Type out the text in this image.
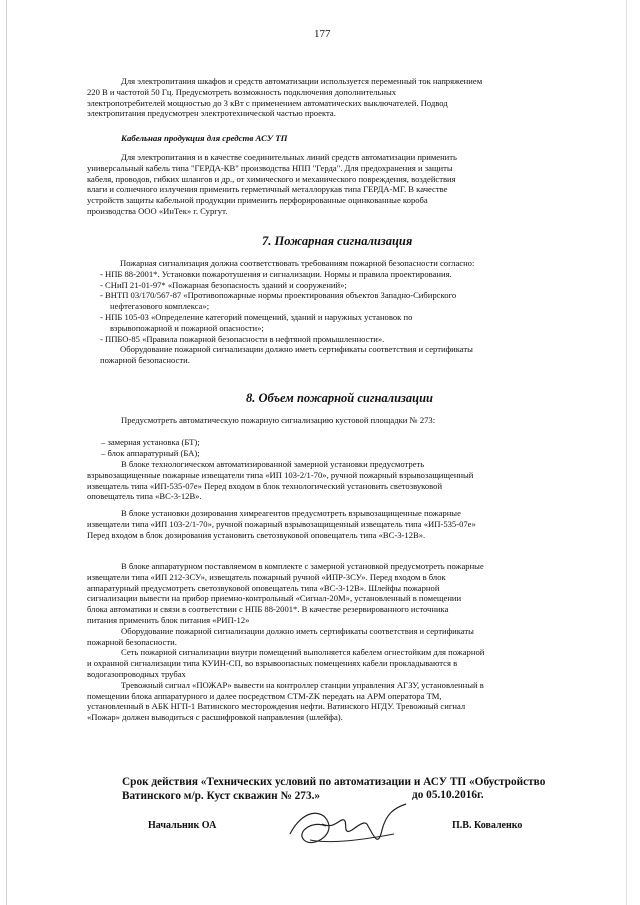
177
Для электропитания шкафов и средств автоматизации используется переменный ток напряжением
220 В и частотой 50 Гц. Предусмотреть возможность подключения дополнительных
электропотребителей мощностью до 3 кВт с применением автоматических выключателей. Подвод
электропитания предусмотрен электротехнической частью проекта.
Кабельная продукция для средств АСУ ТП
Для электропитания и в качестве соединительных линий средств автоматизации применить
универсальный кабель типа "ГЕРДА-КВ" производства НПП "Герда". Для предохранения и защиты
кабеля, проводов, гибких шлангов и др., от химического и механического повреждения, воздействия
влаги и солнечного излучения применить герметичный металлорукав типа ГЕРДА-МГ. В качестве
устройств защиты кабельной продукции применить перфорированные оцинкованные короба
производства ООО «ИнТек» г. Сургут.
7. Пожарная сигнализация
Пожарная сигнализация должна соответствовать требованиям пожарной безопасности согласно:
- НПБ 88-2001*. Установки пожаротушения и сигнализации. Нормы и правила проектирования.
- СНиП 21-01-97* «Пожарная безопасность зданий и сооружений»;
- ВНТП 03/170/567-87 «Противопожарные нормы проектирования объектов Западно-Сибирского
нефтегазового комплекса»;
- НПБ 105-03 «Определение категорий помещений, зданий и наружных установок по
взрывопожарной и пожарной опасности»;
- ППБО-85 «Правила пожарной безопасности в нефтяной промышленности».
Оборудование пожарной сигнализации должно иметь сертификаты соответствия и сертификаты
пожарной безопасности.
8. Объем пожарной сигнализации
Предусмотреть автоматическую пожарную сигнализацию кустовой площадки № 273:
– замерная установка (БТ);
– блок аппаратурный (БА);
В блоке технологическом автоматизированной замерной установки предусмотреть
взрывозащищенные пожарные извещатели типа «ИП 103-2/1-70», ручной пожарный взрывозащищенный
извещатель типа «ИП-535-07е» Перед входом в блок технологический установить светозвуковой
оповещатель типа «ВС-3-12В».
В блоке установки дозирования химреагентов предусмотреть взрывозащищенные пожарные
извещатели типа «ИП 103-2/1-70», ручной пожарный взрывозащищенный извещатель типа «ИП-535-07е»
Перед входом в блок дозирования установить светозвуковой оповещатель типа «ВС-3-12В».
В блоке аппаратурном поставляемом в комплекте с замерной установкой предусмотреть пожарные
извещатели типа «ИП 212-3СУ», извещатель пожарный ручной «ИПР-3СУ». Перед входом в блок
аппаратурный предусмотреть светозвуковой оповещатель типа «ВС-3-12В». Шлейфы пожарной
сигнализации вывести на прибор приемно-контрольный «Сигнал-20М», установленный в помещении
блока автоматики и связи в соответствии с НПБ 88-2001*. В качестве резервированного источника
питания применить блок питания «РИП-12»
Оборудование пожарной сигнализации должно иметь сертификаты соответствия и сертификаты
пожарной безопасности.
Сеть пожарной сигнализации внутри помещений выполняется кабелем огнестойким для пожарной
и охранной сигнализации типа КУИН-СП, во взрывоопасных помещениях кабели прокладываются в
водогазопроводных трубах
Тревожный сигнал «ПОЖАР» вывести на контроллер станции управления АГЗУ, установленный в
помещении блока аппаратурного и далее посредством СТМ-ZK передать на АРМ оператора ТМ,
установленный в АБК НГП-1 Ватинского месторождения нефти. Ватинского НГДУ. Тревожный сигнал
«Пожар» должен выводиться с расшифровкой направления (шлейфа).
Срок действия «Технических условий по автоматизации и АСУ ТП «Обустройство
Ватинского м/р. Куст скважин № 273.»	до 05.10.2016г.
Начальник ОА	П.В. Коваленко
